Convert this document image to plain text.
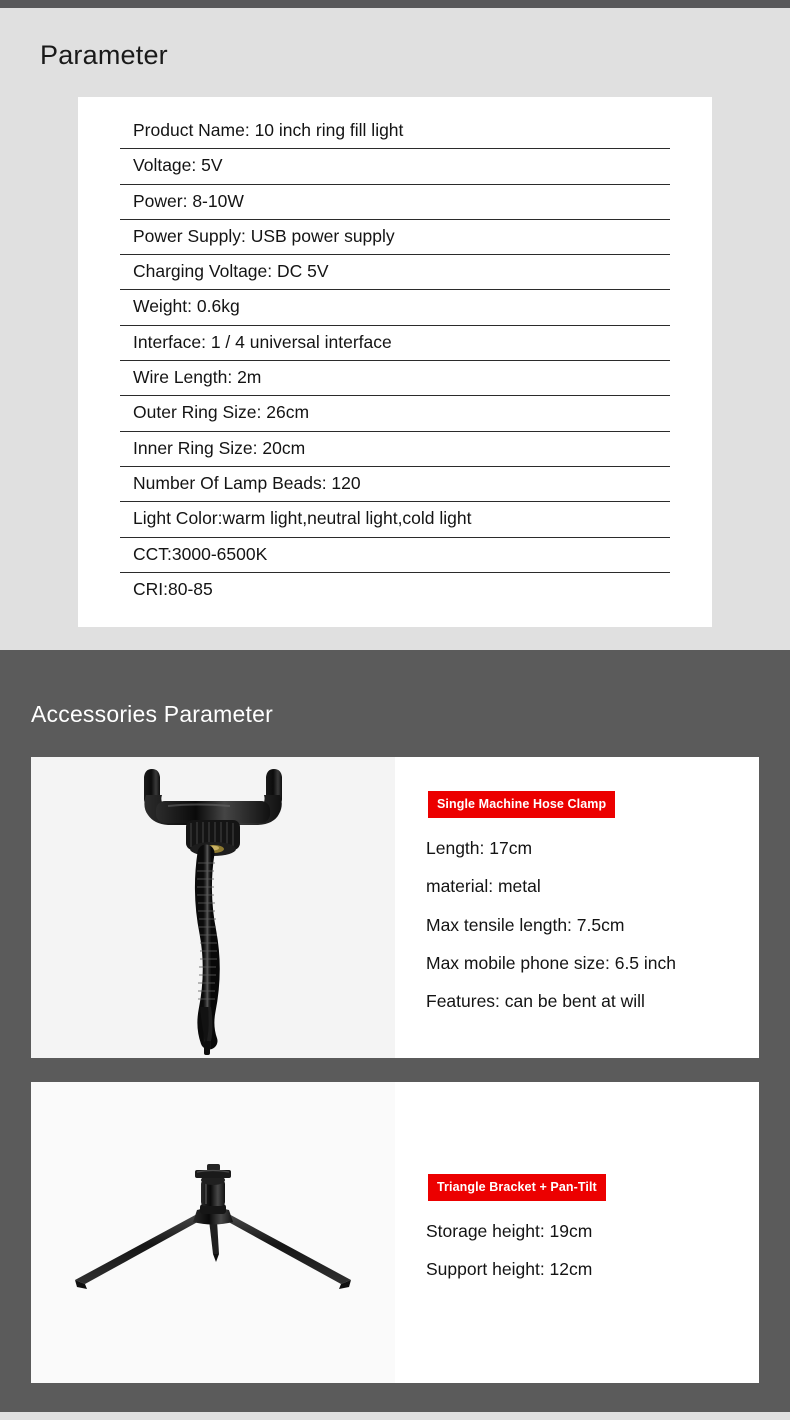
Parameter
Product Name: 10 inch ring fill light
Voltage: 5V
Power: 8-10W
Power Supply: USB power supply
Charging Voltage: DC 5V
Weight: 0.6kg
Interface: 1 / 4 universal interface
Wire Length: 2m
Outer Ring Size: 26cm
Inner Ring Size: 20cm
Number Of Lamp Beads: 120
Light Color:warm light,neutral light,cold light
CCT:3000-6500K
CRI:80-85
Accessories Parameter
Single Machine Hose Clamp
Length: 17cm
material: metal
Max tensile length: 7.5cm
Max mobile phone size: 6.5 inch
Features: can be bent at will
Triangle Bracket + Pan-Tilt
Storage height: 19cm
Support height: 12cm
